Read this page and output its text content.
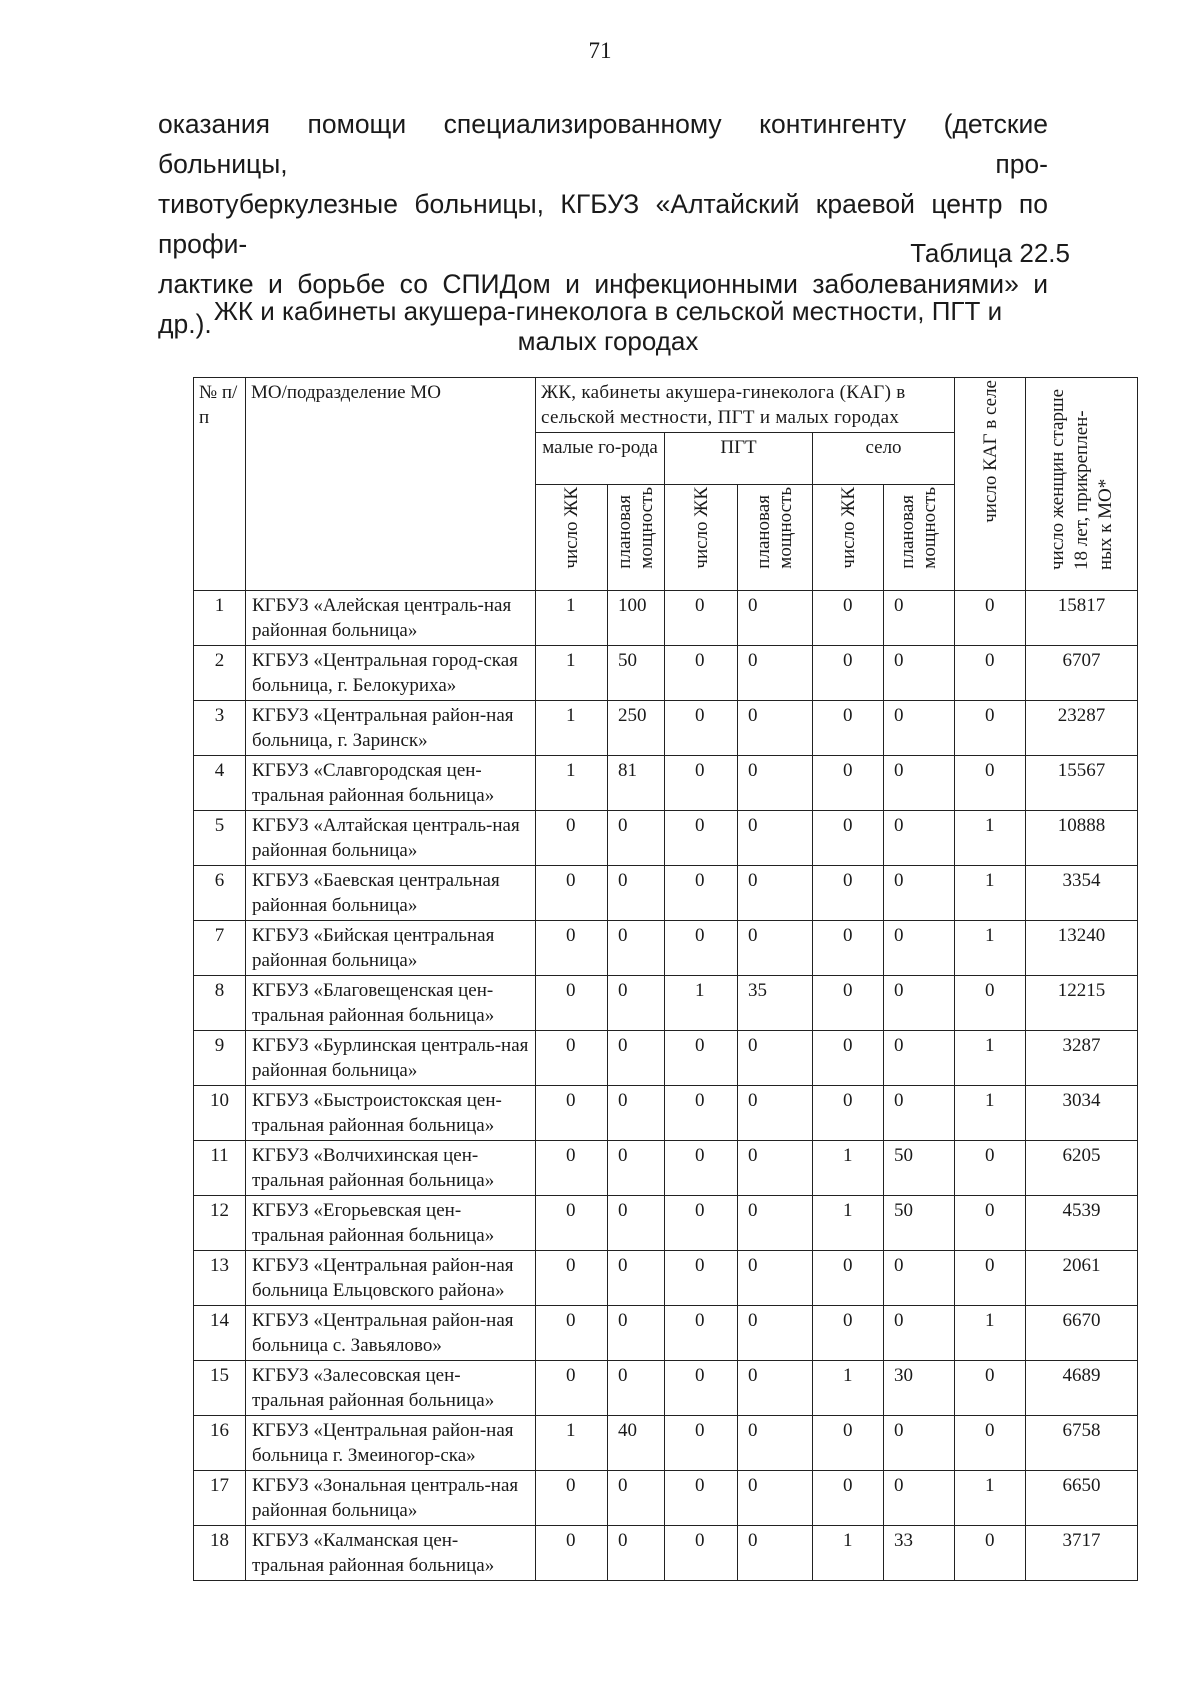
71
оказания помощи специализированному контингенту (детские больницы, про-
тивотуберкулезные больницы, КГБУЗ «Алтайский краевой центр по профи-
лактике и борьбе со СПИДом и инфекционными заболеваниями» и др.).
Таблица 22.5
ЖК и кабинеты акушера-гинеколога в сельской местности, ПГТ и
малых городах
№ п/п	МО/подразделение МО	ЖК, кабинеты акушера-гинеколога (КАГ) в сельской местности, ПГТ и малых городах						число КАГ в селе	число женщин старше 18 лет, прикреплен- ных к МО*

		малые го-рода		ПГТ		село			

		число ЖК	плановая мощность	число ЖК	плановая мощность	число ЖК	плановая мощность		

1	КГБУЗ «Алейская централь-ная районная больница»	1	100	0	0	0	0	0	15817
2	КГБУЗ «Центральная город-ская больница, г. Белокуриха»	1	50	0	0	0	0	0	6707
3	КГБУЗ «Центральная район-ная больница, г. Заринск»	1	250	0	0	0	0	0	23287
4	КГБУЗ «Славгородская цен-тральная районная больница»	1	81	0	0	0	0	0	15567
5	КГБУЗ «Алтайская централь-ная районная больница»	0	0	0	0	0	0	1	10888
6	КГБУЗ «Баевская центральная районная больница»	0	0	0	0	0	0	1	3354
7	КГБУЗ «Бийская центральная районная больница»	0	0	0	0	0	0	1	13240
8	КГБУЗ «Благовещенская цен-тральная районная больница»	0	0	1	35	0	0	0	12215
9	КГБУЗ «Бурлинская централь-ная районная больница»	0	0	0	0	0	0	1	3287
10	КГБУЗ «Быстроистокская цен-тральная районная больница»	0	0	0	0	0	0	1	3034
11	КГБУЗ «Волчихинская цен-тральная районная больница»	0	0	0	0	1	50	0	6205
12	КГБУЗ «Егорьевская цен-тральная районная больница»	0	0	0	0	1	50	0	4539
13	КГБУЗ «Центральная район-ная больница Ельцовского района»	0	0	0	0	0	0	0	2061
14	КГБУЗ «Центральная район-ная больница с. Завьялово»	0	0	0	0	0	0	1	6670
15	КГБУЗ «Залесовская цен-тральная районная больница»	0	0	0	0	1	30	0	4689
16	КГБУЗ «Центральная район-ная больница г. Змеиногор-ска»	1	40	0	0	0	0	0	6758
17	КГБУЗ «Зональная централь-ная районная больница»	0	0	0	0	0	0	1	6650
18	КГБУЗ «Калманская цен-тральная районная больница»	0	0	0	0	1	33	0	3717
